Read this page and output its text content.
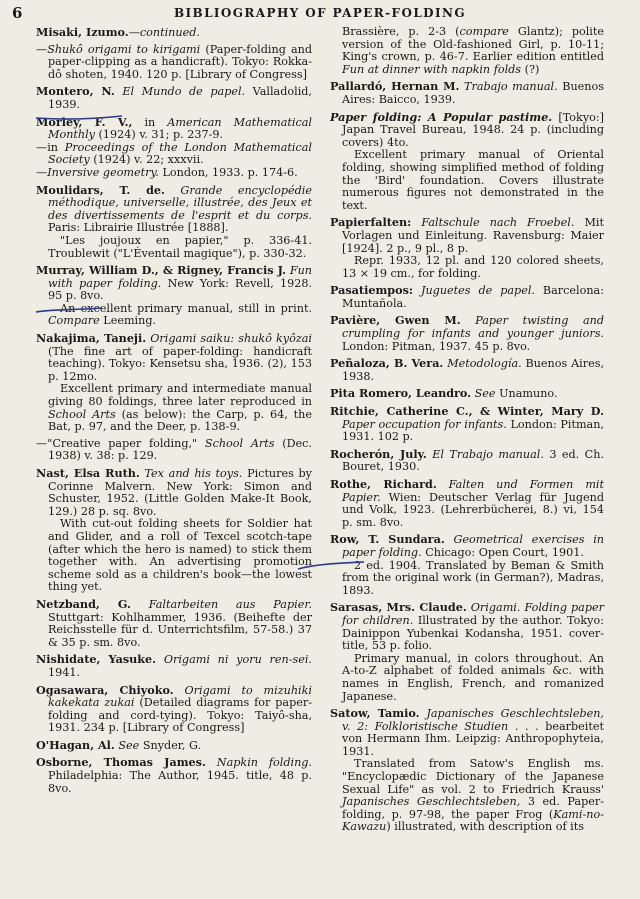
6	BIBLIOGRAPHY OF PAPER-FOLDING
Misaki, Izumo.—continued.
—Shukô origami to kirigami (Paper-folding and paper-clipping as a handicraft). Tokyo: Rokka-dô shoten, 1940. 120 p. [Library of Congress]
Montero, N. El Mundo de papel. Valladolid, 1939.
Morley, F. V., in American Mathematical Monthly (1924) v. 31; p. 237-9.

—in Proceedings of the London Mathematical Society (1924) v. 22; xxxvii.

—Inversive geometry. London, 1933. p. 174-6.

Moulidars, T. de. Grande encyclopédie méthodique, universelle, illustrée, des Jeux et des divertissements de l'esprit et du corps. Paris: Librairie Illustrée [1888].

"Les joujoux en papier," p. 336-41. Troublewit ("L'Éventail magique"), p. 330-32.

Murray, William D., & Rigney, Francis J. Fun with paper folding. New York: Revell, 1928. 95 p. 8vo.

An excellent primary manual, still in print. Compare Leeming.

Nakajima, Taneji. Origami saiku: shukô kyôzai (The fine art of paper-folding: handicraft teaching). Tokyo: Kensetsu sha, 1936. (2), 153 p. 12mo.

Excellent primary and intermediate manual giving 80 foldings, three later reproduced in School Arts (as below): the Carp, p. 64, the Bat, p. 97, and the Deer, p. 138-9.

—"Creative paper folding," School Arts (Dec. 1938) v. 38: p. 129.
Nast, Elsa Ruth. Tex and his toys. Pictures by Corinne Malvern. New York: Simon and Schuster, 1952. (Little Golden Make-It Book, 129.) 28 p. sq. 8vo.

With cut-out folding sheets for Soldier hat and Glider, and a roll of Texcel scotch-tape (after which the hero is named) to stick them together with. An advertising promotion scheme sold as a children's book—the lowest thing yet.

Netzband, G. Faltarbeiten aus Papier. Stuttgart: Kohlhammer, 1936. (Beihefte der Reichsstelle für d. Unterrichtsfilm, 57-58.) 37 & 35 p. sm. 8vo.
Nishidate, Yasuke. Origami ni yoru ren-sei. 1941.
Ogasawara, Chiyoko. Origami to mizuhiki kakekata zukai (Detailed diagrams for paper-folding and cord-tying). Tokyo: Taiyô-sha, 1931. 234 p. [Library of Congress]
O'Hagan, Al. See Snyder, G.
Osborne, Thomas James. Napkin folding. Philadelphia: The Author, 1945. title, 48 p. 8vo.
Brassière, p. 2-3 (compare Glantz); polite version of the Old-fashioned Girl, p. 10-11; King's crown, p. 46-7. Earlier edition entitled Fun at dinner with napkin folds (?)
Pallardó, Hernan M. Trabajo manual. Buenos Aires: Baicco, 1939.
Paper folding: A Popular pastime. [Tokyo:] Japan Travel Bureau, 1948. 24 p. (including covers) 4to.

Excellent primary manual of Oriental folding, showing simplified method of folding the 'Bird' foundation. Covers illustrate numerous figures not demonstrated in the text.

Papierfalten: Faltschule nach Froebel. Mit Vorlagen und Einleitung. Ravensburg: Maier [1924]. 2 p., 9 pl., 8 p.

Repr. 1933, 12 pl. and 120 colored sheets, 13 × 19 cm., for folding.

Pasatiempos: Juguetes de papel. Barcelona: Muntañola.
Pavière, Gwen M. Paper twisting and crumpling for infants and younger juniors. London: Pitman, 1937. 45 p. 8vo.
Peñaloza, B. Vera. Metodología. Buenos Aires, 1938.
Pita Romero, Leandro. See Unamuno.
Ritchie, Catherine C., & Winter, Mary D. Paper occupation for infants. London: Pitman, 1931. 102 p.
Rocherón, July. El Trabajo manual. 3 ed. Ch. Bouret, 1930.
Rothe, Richard. Falten und Formen mit Papier. Wien: Deutscher Verlag für Jugend und Volk, 1923. (Lehrerbücherei, 8.) vi, 154 p. sm. 8vo.
Row, T. Sundara. Geometrical exercises in paper folding. Chicago: Open Court, 1901.

2 ed. 1904. Translated by Beman & Smith from the original work (in German?), Madras, 1893.

Sarasas, Mrs. Claude. Origami. Folding paper for children. Illustrated by the author. Tokyo: Dainippon Yubenkai Kodansha, 1951. cover-title, 53 p. folio.

Primary manual, in colors throughout. An A-to-Z alphabet of folded animals &c. with names in English, French, and romanized Japanese.

Satow, Tamio. Japanisches Geschlechtsleben, v. 2: Folkloristische Studien . . . bearbeitet von Hermann Ihm. Leipzig: Anthropophyteia, 1931.

Translated from Satow's English ms. "Encyclopædic Dictionary of the Japanese Sexual Life" as vol. 2 to Friedrich Krauss' Japanisches Geschlechtsleben, 3 ed. Paper-folding, p. 97-98, the paper Frog (Kami-no-Kawazu) illustrated, with description of its
